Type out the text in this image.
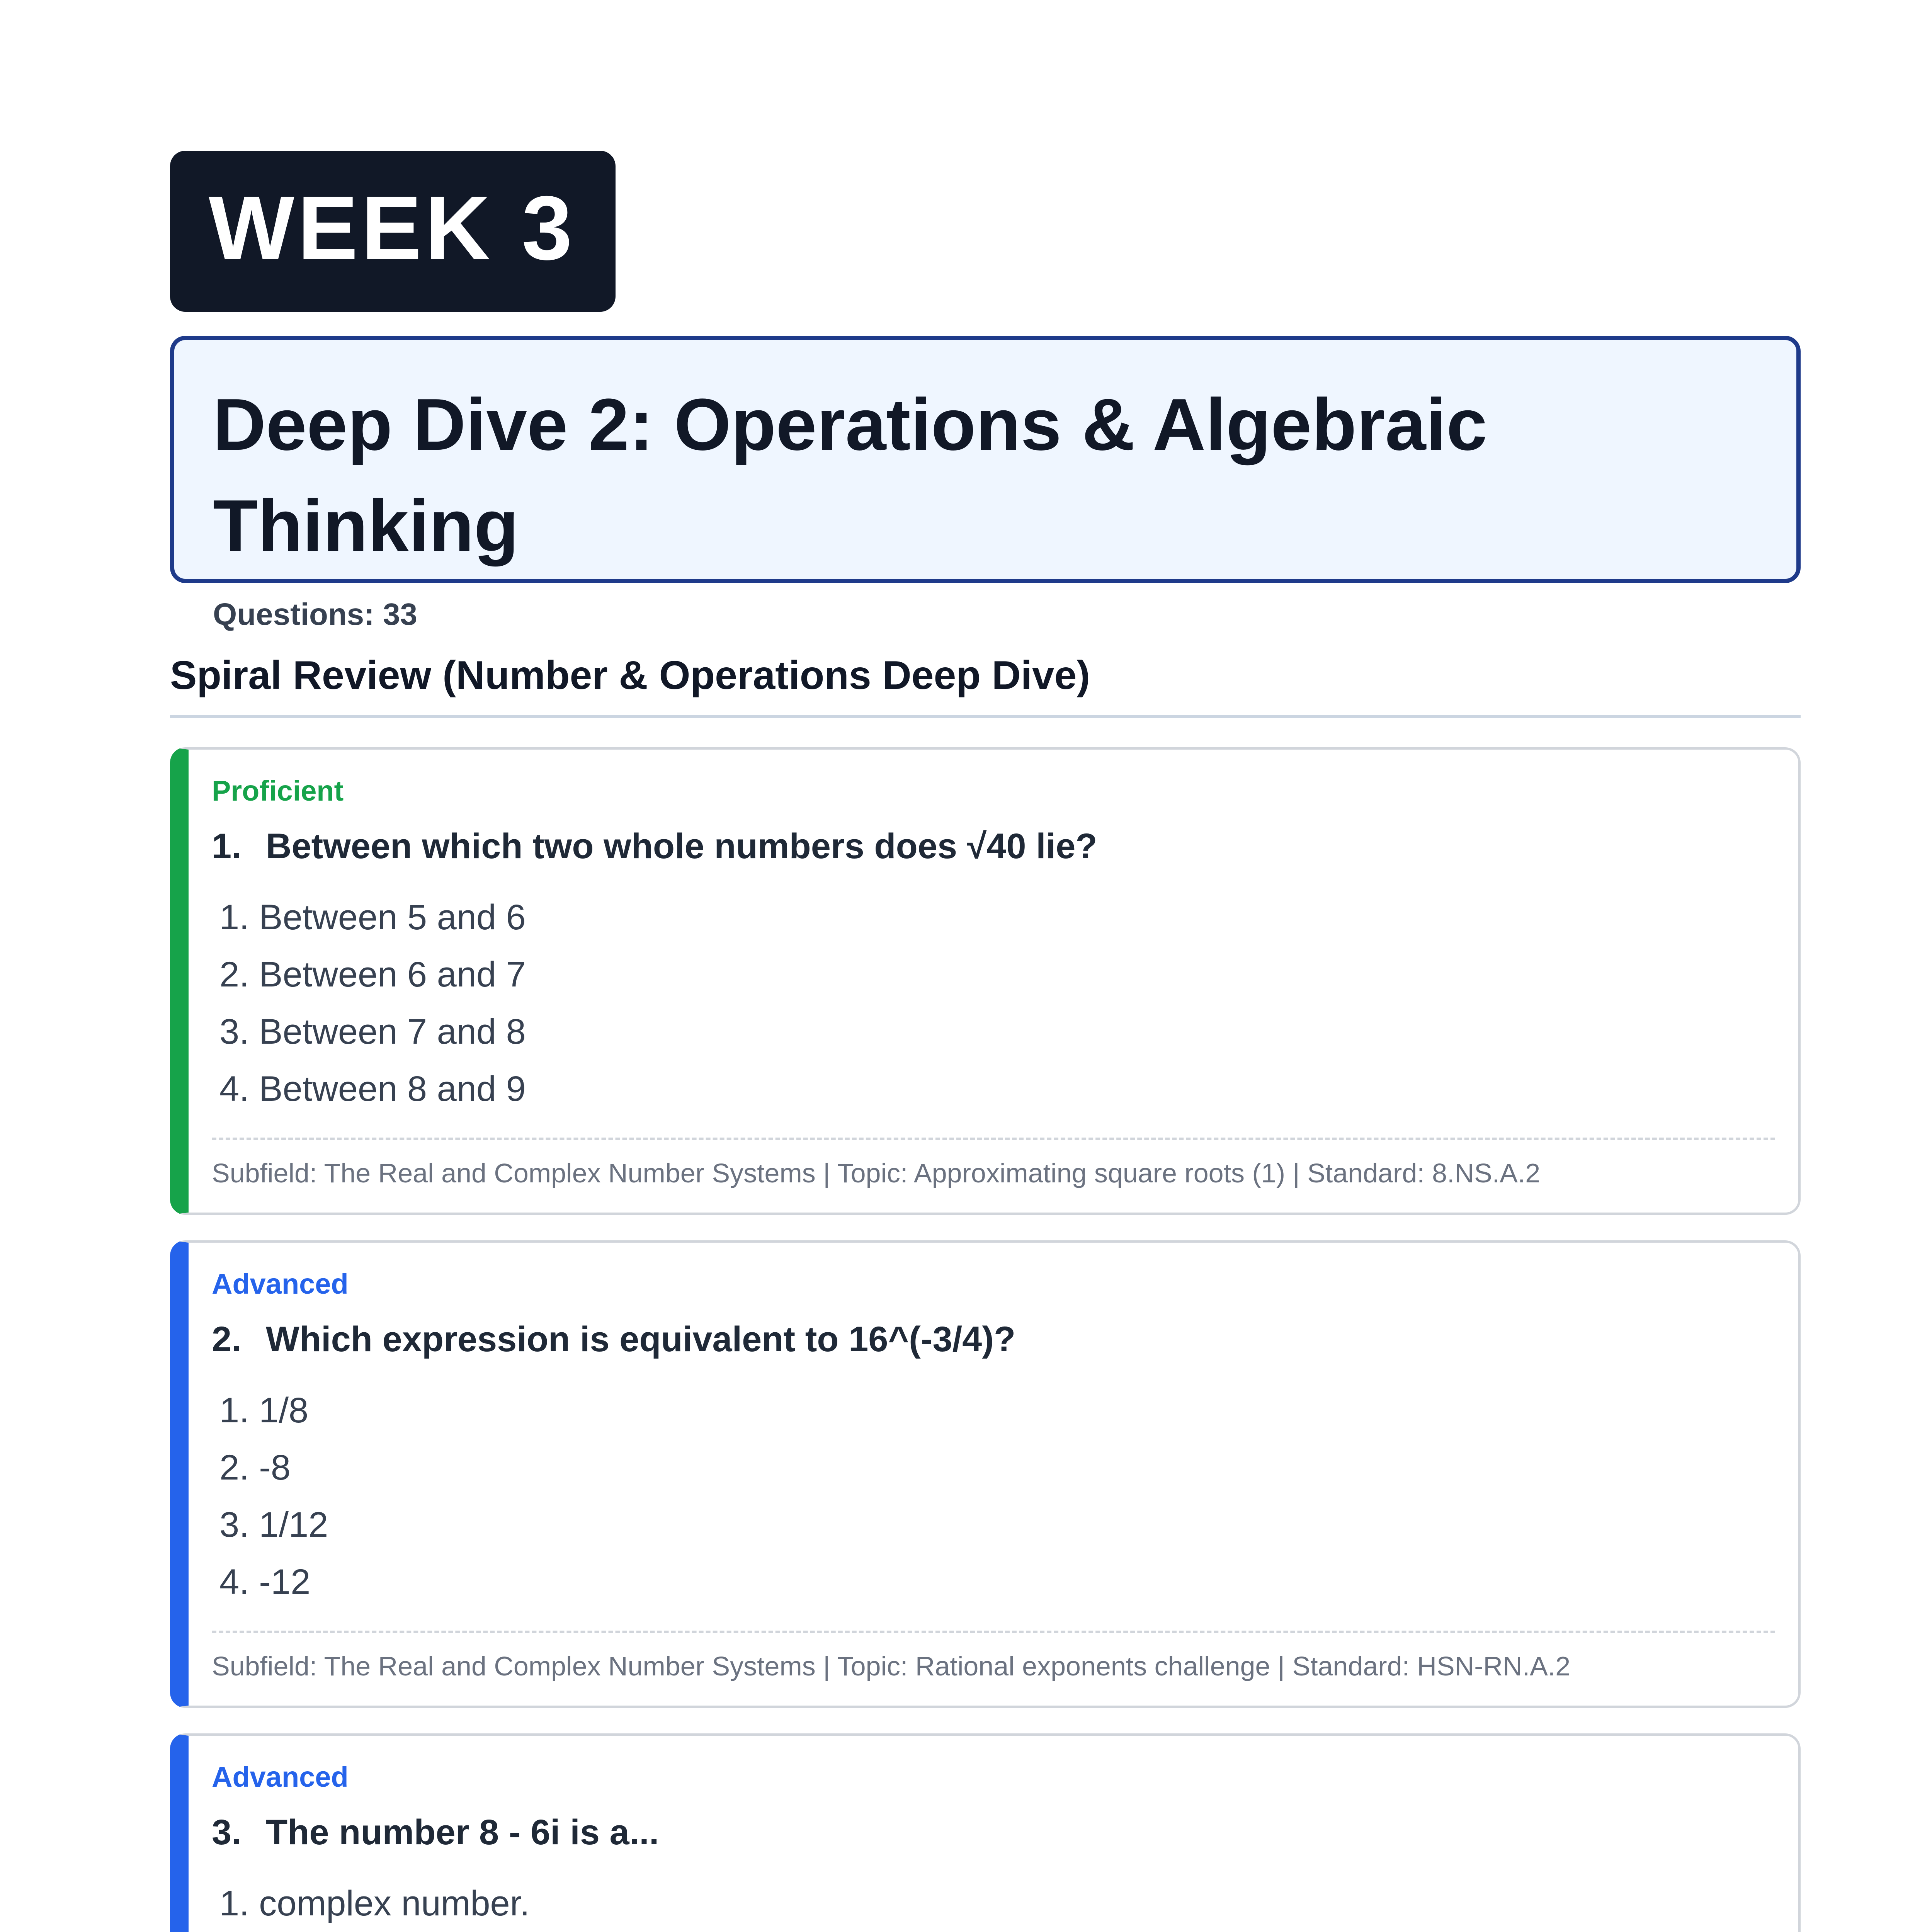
WEEK 3
Deep Dive 2: Operations & Algebraic Thinking
Questions: 33
Spiral Review (Number & Operations Deep Dive)
Proficient
1. Between which two whole numbers does √40 lie?
1. Between 5 and 6
2. Between 6 and 7
3. Between 7 and 8
4. Between 8 and 9
Subfield: The Real and Complex Number Systems | Topic: Approximating square roots (1) | Standard: 8.NS.A.2
Advanced
2. Which expression is equivalent to 16^(-3/4)?
1. 1/8
2. -8
3. 1/12
4. -12
Subfield: The Real and Complex Number Systems | Topic: Rational exponents challenge | Standard: HSN-RN.A.2
Advanced
3. The number 8 - 6i is a...
1. complex number.
